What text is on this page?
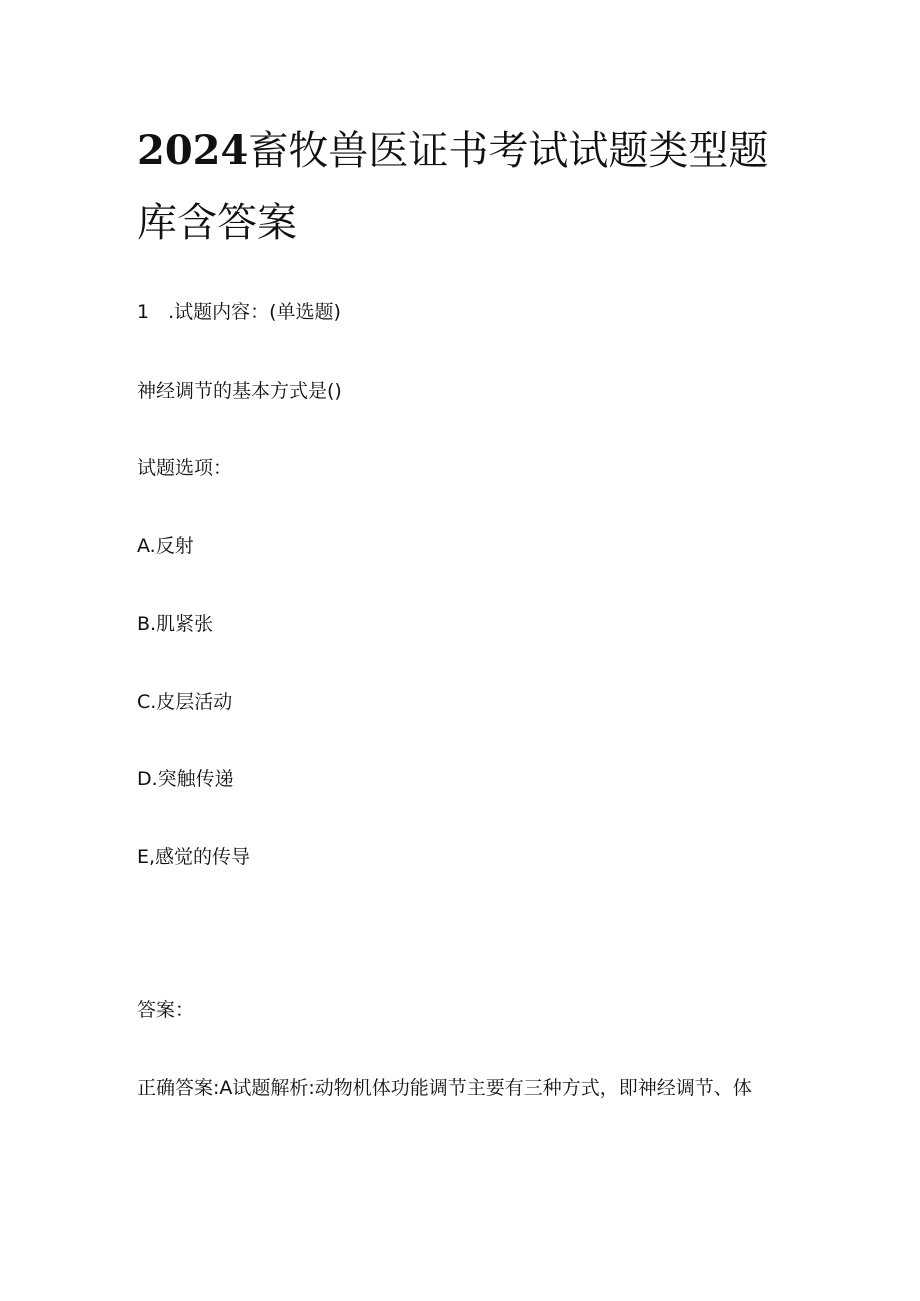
2024畜牧兽医证书考试试题类型题库含答案

1　.试题内容：(单选题)

神经调节的基本方式是()

试题选项：

A.反射

B.肌紧张

C.皮层活动

D.突触传递

E,感觉的传导

答案：

正确答案:A试题解析:动物机体功能调节主要有三种方式，即神经调节、体
